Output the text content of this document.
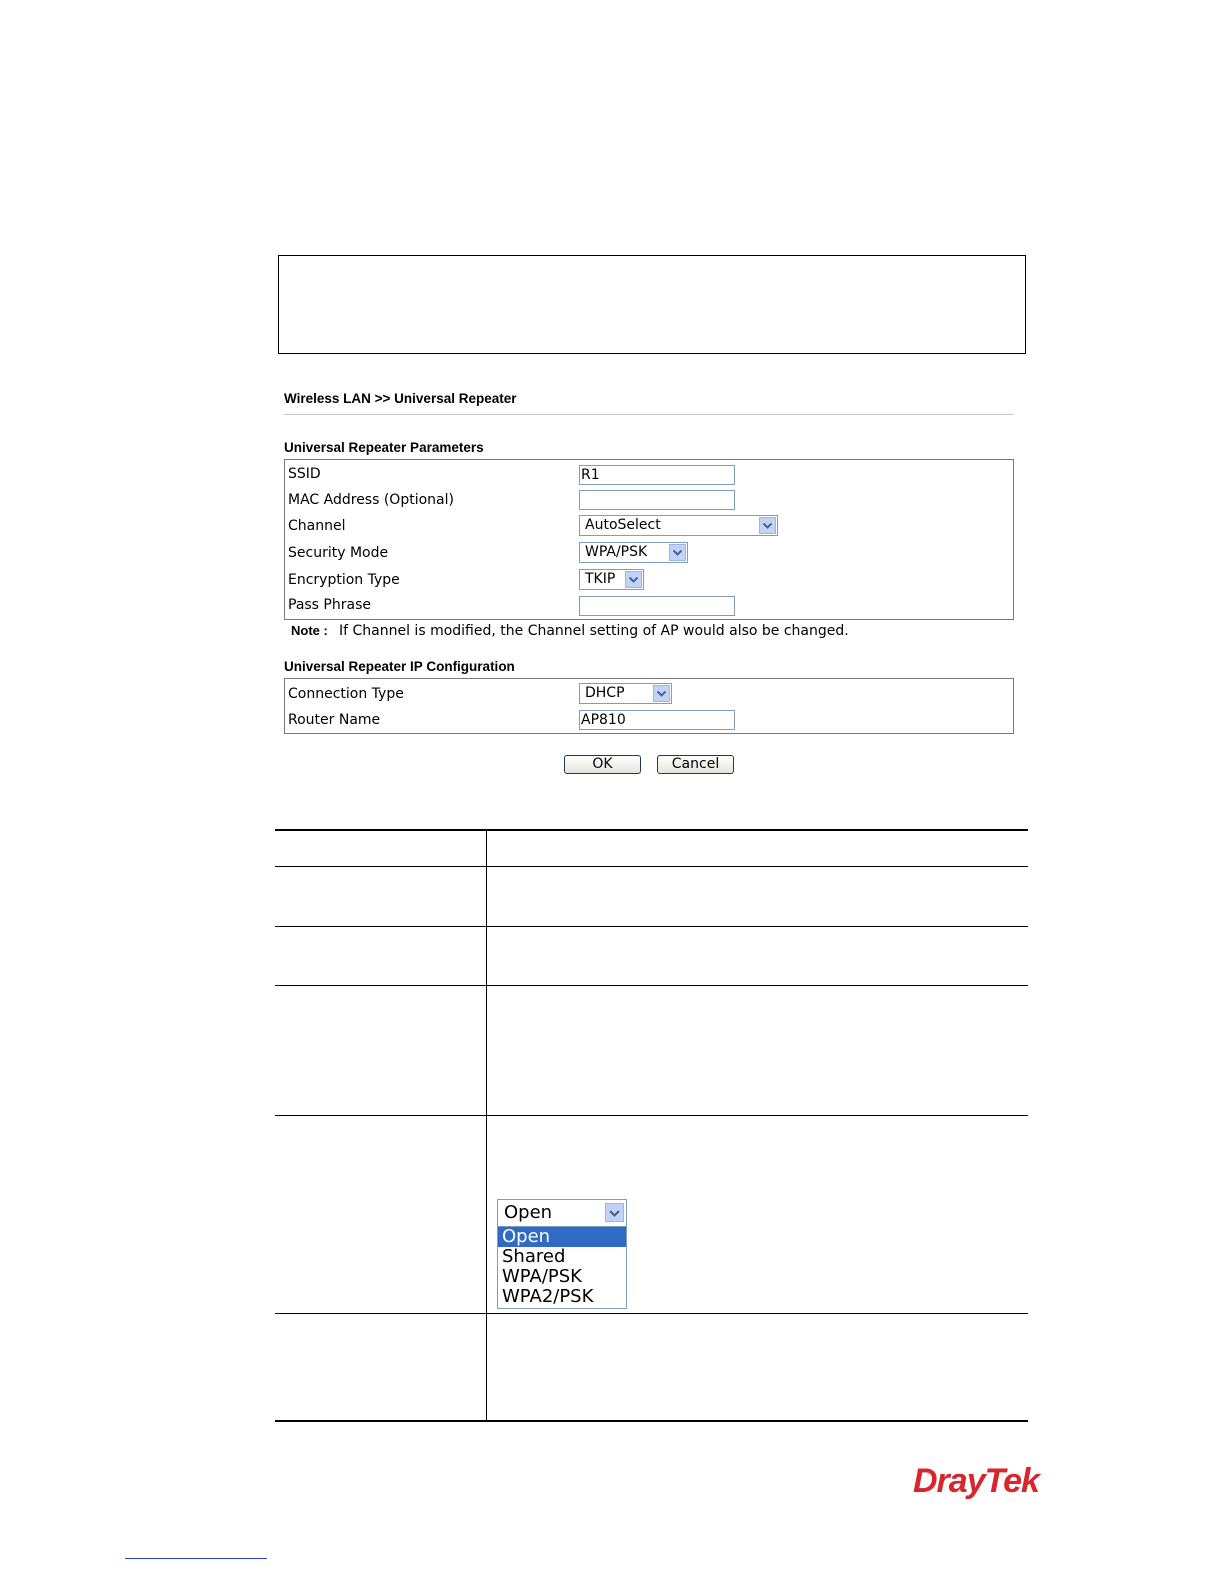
Wireless LAN >> Universal Repeater
Universal Repeater Parameters
SSID	R1
MAC Address (Optional)
Channel	AutoSelect
Security Mode	WPA/PSK
Encryption Type	TKIP
Pass Phrase
Note : If Channel is modified, the Channel setting of AP would also be changed.
Universal Repeater IP Configuration
Connection Type	DHCP
Router Name	AP810
OK	Cancel
Open
Open
Shared
WPA/PSK
WPA2/PSK
DrayTek
